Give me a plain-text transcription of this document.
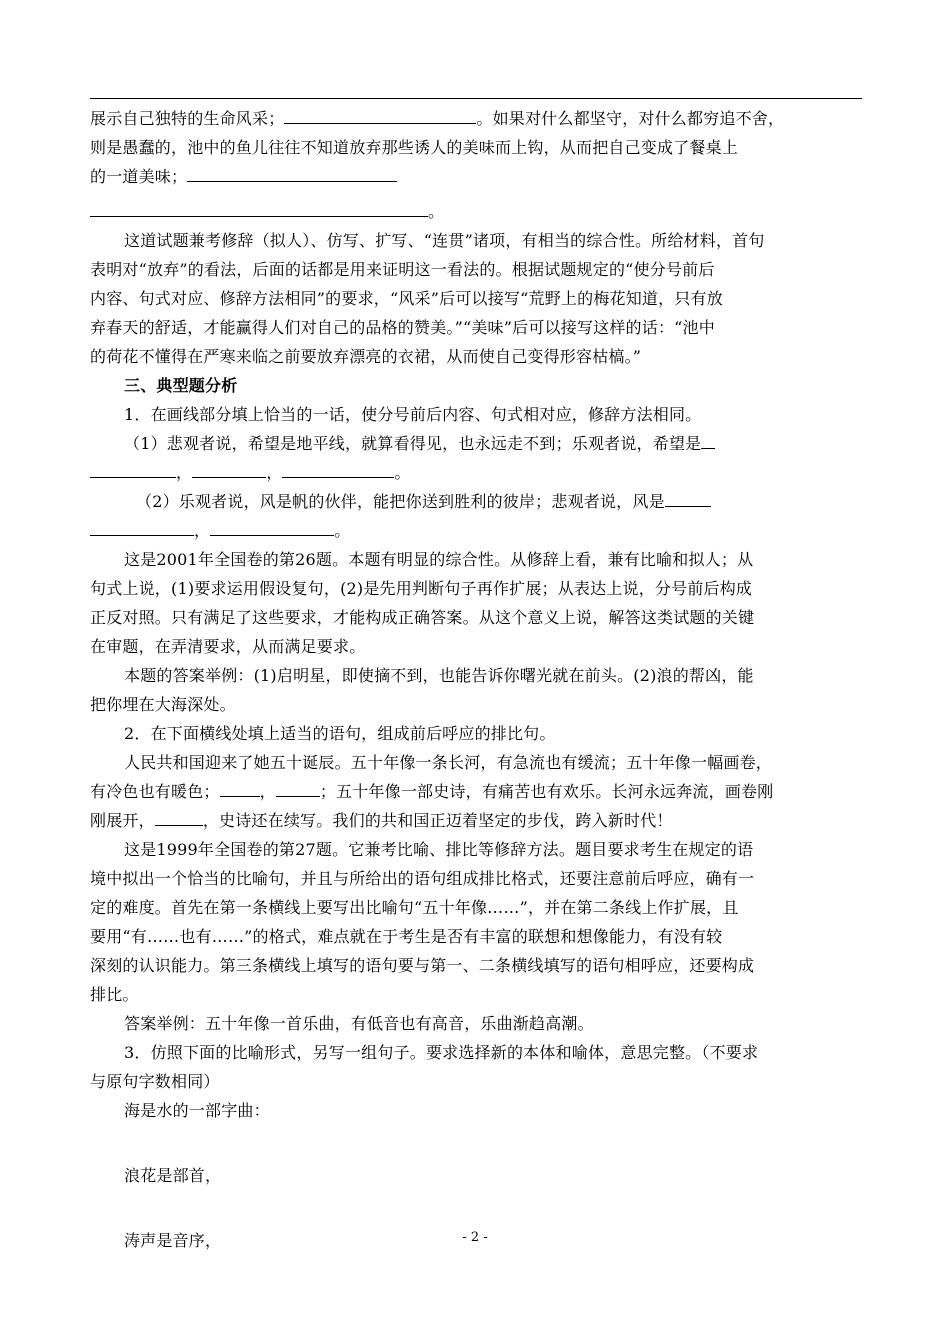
展示自己独特的生命风采；	。如果对什么都坚守，对什么都穷追不舍，
则是愚蠢的，池中的鱼儿往往不知道放弃那些诱人的美味而上钩，从而把自己变成了餐桌上
的一道美味；
。
这道试题兼考修辞（拟人）、仿写、扩写、“连贯”诸项，有相当的综合性。所给材料，首句
表明对“放弃”的看法，后面的话都是用来证明这一看法的。根据试题规定的“使分号前后
内容、句式对应、修辞方法相同”的要求，“风采”后可以接写“荒野上的梅花知道，只有放
弃春天的舒适，才能赢得人们对自己的品格的赞美。”“美味”后可以接写这样的话：“池中
的荷花不懂得在严寒来临之前要放弃漂亮的衣裙，从而使自己变得形容枯槁。”
三、典型题分析
1．在画线部分填上恰当的一话，使分号前后内容、句式相对应，修辞方法相同。
（1）悲观者说，希望是地平线，就算看得见，也永远走不到；乐观者说，希望是
，	，	。
（2）乐观者说，风是帆的伙伴，能把你送到胜利的彼岸；悲观者说，风是
，	。
这是2001年全国卷的第26题。本题有明显的综合性。从修辞上看，兼有比喻和拟人；从
句式上说，(1)要求运用假设复句，(2)是先用判断句子再作扩展；从表达上说，分号前后构成
正反对照。只有满足了这些要求，才能构成正确答案。从这个意义上说，解答这类试题的关键
在审题，在弄清要求，从而满足要求。
本题的答案举例：(1)启明星，即使摘不到，也能告诉你曙光就在前头。(2)浪的帮凶，能
把你埋在大海深处。
2．在下面横线处填上适当的语句，组成前后呼应的排比句。
人民共和国迎来了她五十诞辰。五十年像一条长河，有急流也有缓流；五十年像一幅画卷，
有冷色也有暖色；	，	；五十年像一部史诗，有痛苦也有欢乐。长河永远奔流，画卷刚
刚展开，	，史诗还在续写。我们的共和国正迈着坚定的步伐，跨入新时代！
这是1999年全国卷的第27题。它兼考比喻、排比等修辞方法。题目要求考生在规定的语
境中拟出一个恰当的比喻句，并且与所给出的语句组成排比格式，还要注意前后呼应，确有一
定的难度。首先在第一条横线上要写出比喻句“五十年像……”，并在第二条线上作扩展，且
要用“有……也有……”的格式，难点就在于考生是否有丰富的联想和想像能力，有没有较
深刻的认识能力。第三条横线上填写的语句要与第一、二条横线填写的语句相呼应，还要构成
排比。
答案举例：五十年像一首乐曲，有低音也有高音，乐曲渐趋高潮。
3．仿照下面的比喻形式，另写一组句子。要求选择新的本体和喻体，意思完整。（不要求
与原句字数相同）
海是水的一部字曲：
浪花是部首，
涛声是音序，	- 2 -
